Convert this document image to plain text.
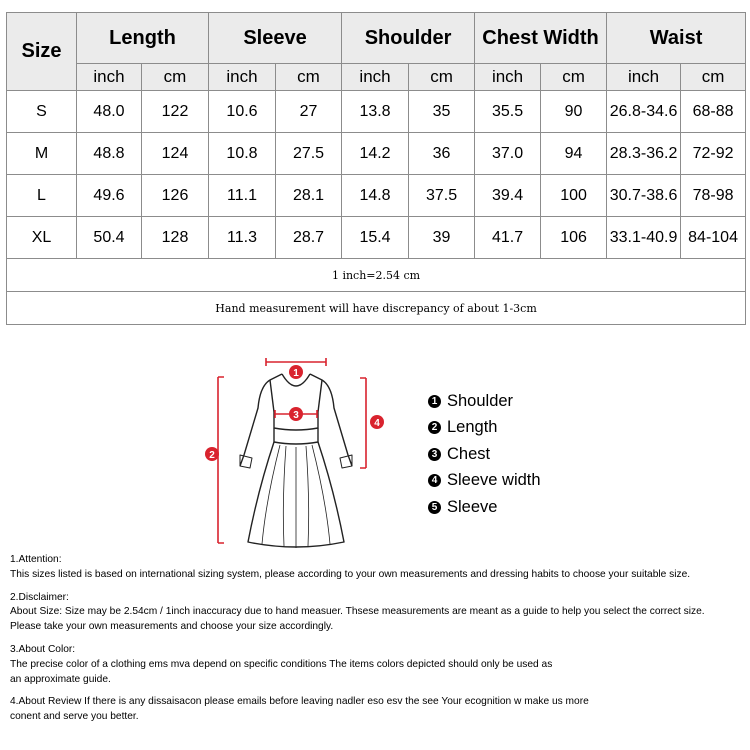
Size	Length		Sleeve		Shoulder		Chest Width		Waist	
	inch	cm	inch	cm	inch	cm	inch	cm	inch	cm
S	48.0	122	10.6	27	13.8	35	35.5	90	26.8-34.6	68-88
M	48.8	124	10.8	27.5	14.2	36	37.0	94	28.3-36.2	72-92
L	49.6	126	11.1	28.1	14.8	37.5	39.4	100	30.7-38.6	78-98
XL	50.4	128	11.3	28.7	15.4	39	41.7	106	33.1-40.9	84-104
1 inch=2.54 cm										
Hand measurement will have discrepancy of about 1-3cm										
1
2
3
4
1 Shoulder
2 Length
3 Chest
4 Sleeve width
5 Sleeve
1.Attention:
This sizes listed is based on international sizing system, please according to your own measurements and dressing habits to choose your suitable size.
2.Disclaimer:
About Size: Size may be 2.54cm / 1inch inaccuracy due to hand measuer. Thsese measurements are meant as a guide to help you select the correct size.
Please take your own measurements and choose your size accordingly.
3.About Color:
The precise color of a clothing ems mva depend on specific conditions The items colors depicted should only be used as
an approximate guide.
4.About Review If there is any dissaisacon please emails before leaving nadler eso esv the see Your ecognition w make us more
conent and serve you better.
